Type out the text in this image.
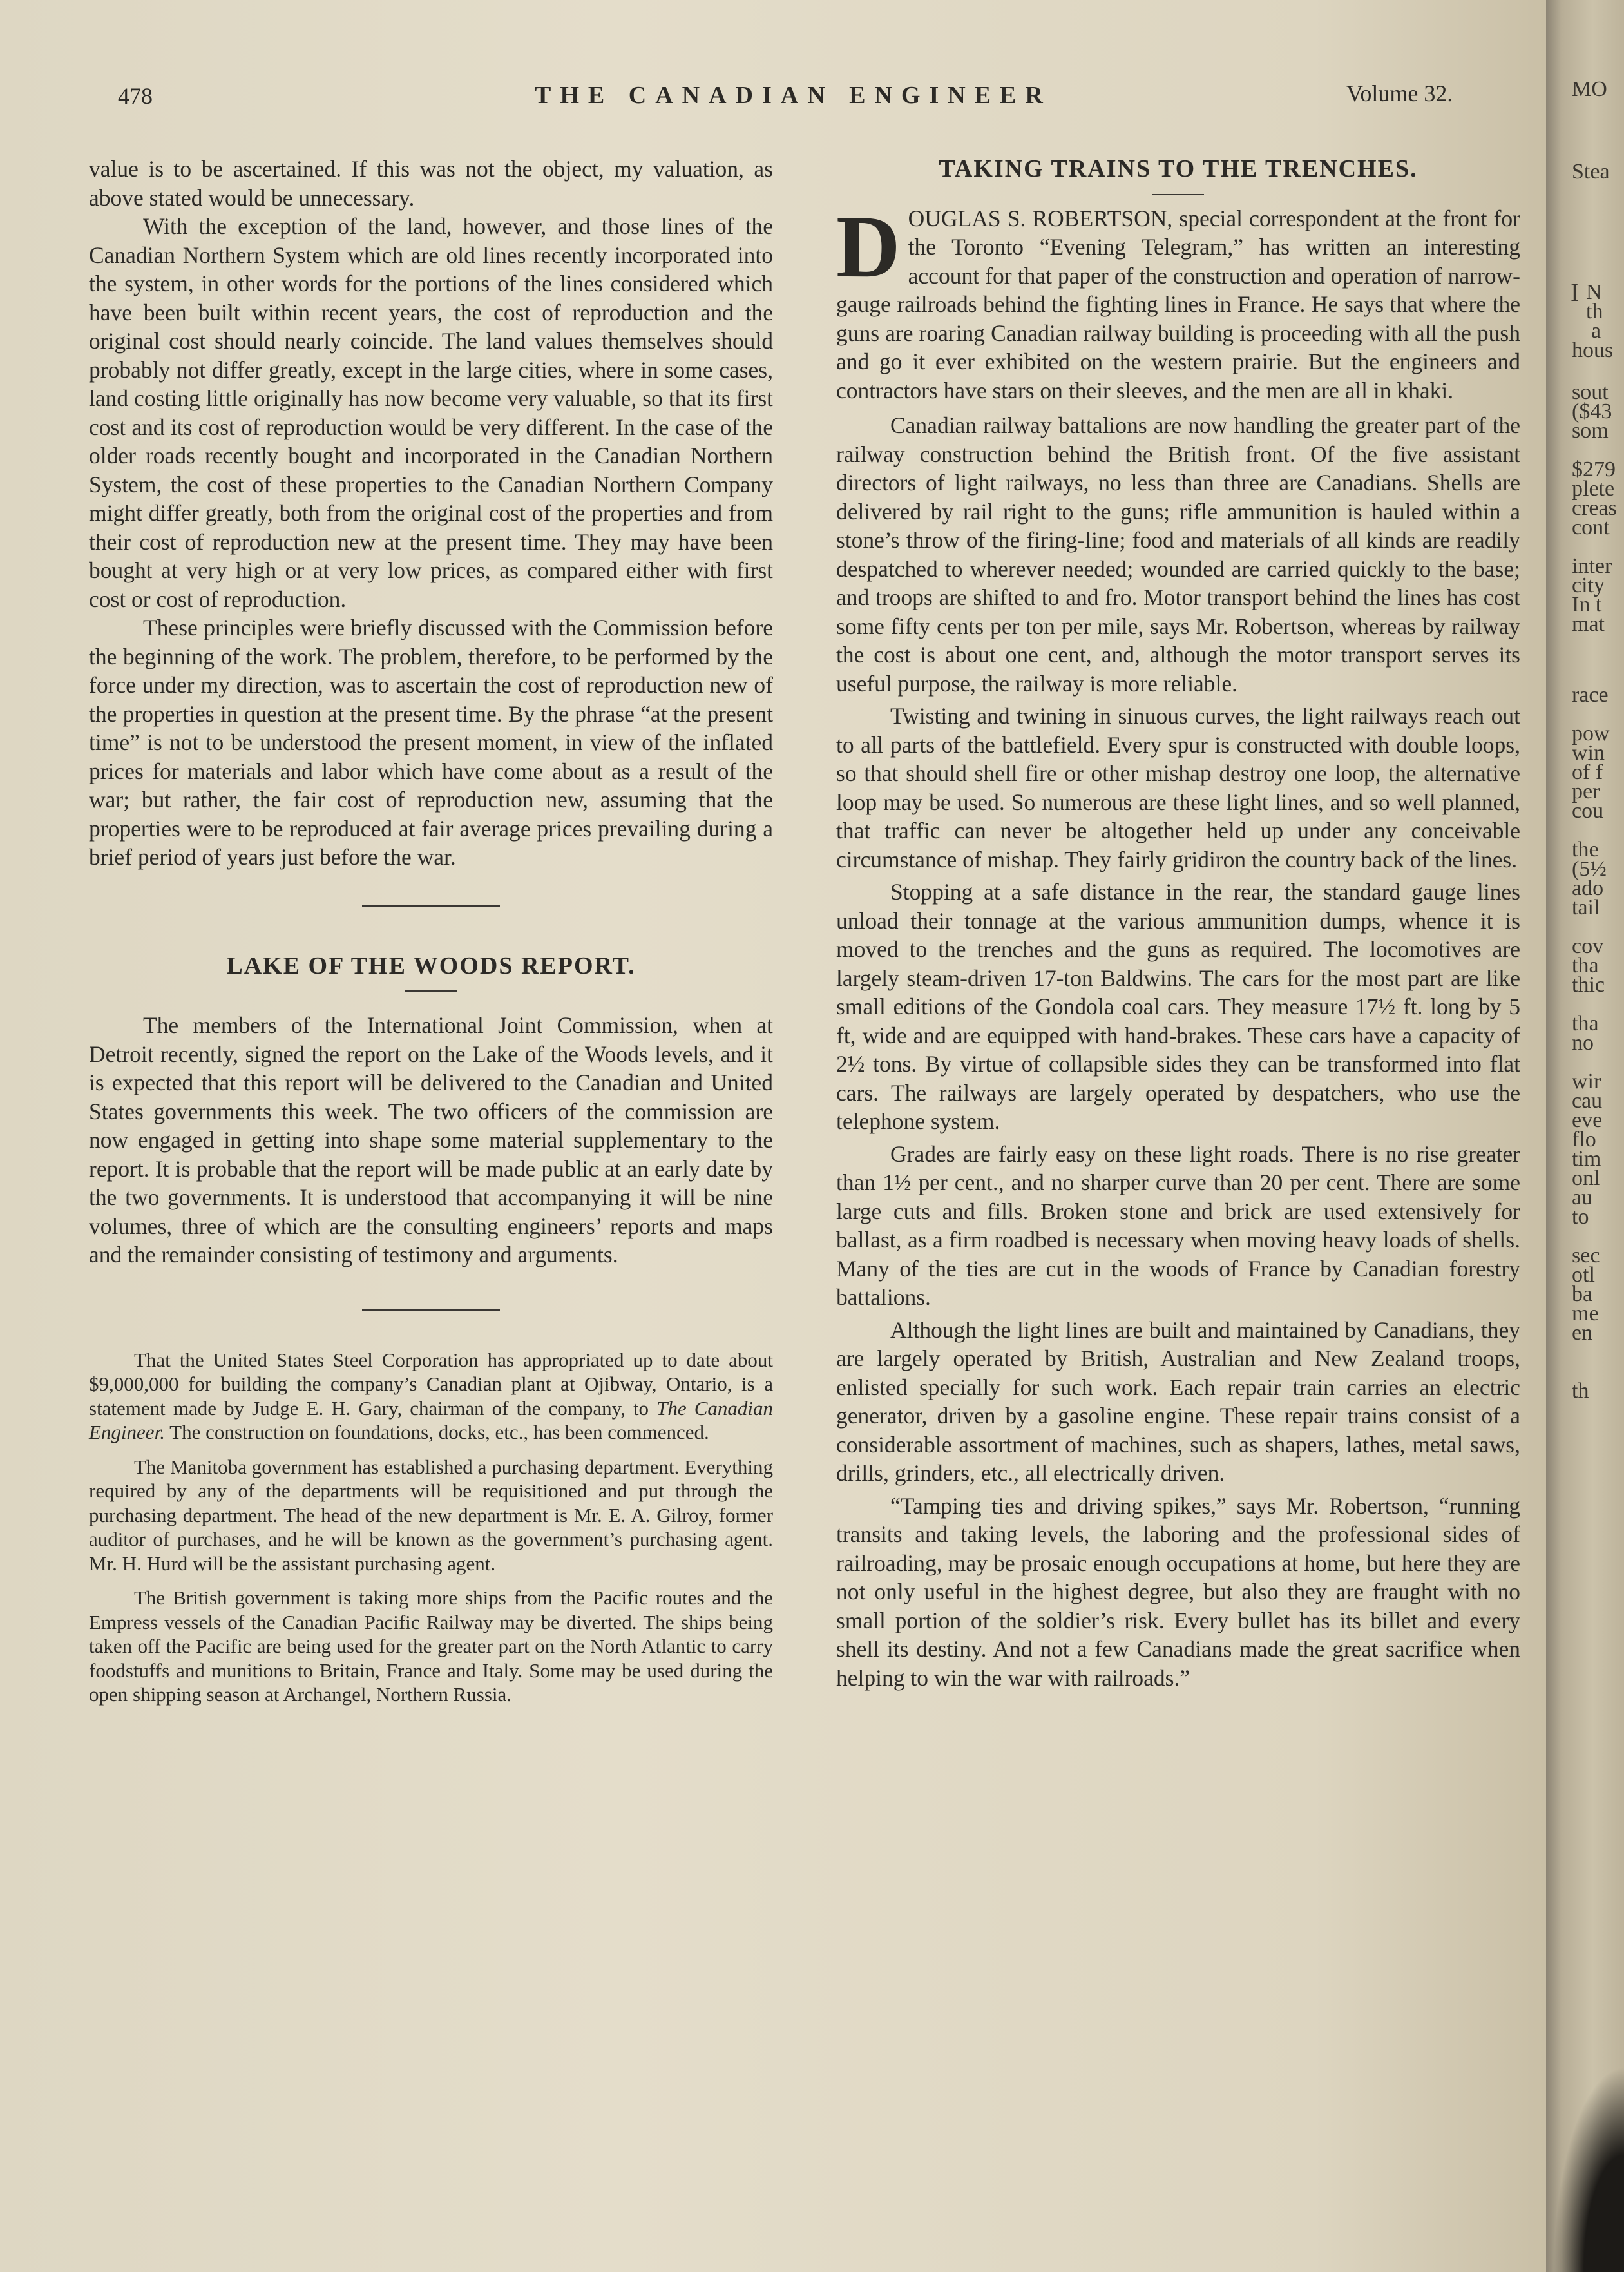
478	THE CANADIAN ENGINEER	Volume 32.

value is to be ascertained. If this was not the object, my valuation, as above stated would be unnecessary.

With the exception of the land, however, and those lines of the Canadian Northern System which are old lines recently incorporated into the system, in other words for the portions of the lines considered which have been built within recent years, the cost of reproduction and the original cost should nearly coincide. The land values themselves should probably not differ greatly, except in the large cities, where in some cases, land costing little originally has now become very valuable, so that its first cost and its cost of reproduction would be very different. In the case of the older roads recently bought and incorporated in the Canadian Northern System, the cost of these properties to the Canadian Northern Company might differ greatly, both from the original cost of the properties and from their cost of reproduction new at the present time. They may have been bought at very high or at very low prices, as compared either with first cost or cost of reproduction.

These principles were briefly discussed with the Commission before the beginning of the work. The problem, therefore, to be performed by the force under my direction, was to ascertain the cost of reproduction new of the properties in question at the present time. By the phrase “at the present time” is not to be understood the present moment, in view of the inflated prices for materials and labor which have come about as a result of the war; but rather, the fair cost of reproduction new, assuming that the properties were to be reproduced at fair average prices prevailing during a brief period of years just before the war.

LAKE OF THE WOODS REPORT.

The members of the International Joint Commission, when at Detroit recently, signed the report on the Lake of the Woods levels, and it is expected that this report will be delivered to the Canadian and United States governments this week. The two officers of the commission are now engaged in getting into shape some material supplementary to the report. It is probable that the report will be made public at an early date by the two governments. It is understood that accompanying it will be nine volumes, three of which are the consulting engineers’ reports and maps and the remainder consisting of testimony and arguments.

That the United States Steel Corporation has appropriated up to date about $9,000,000 for building the company’s Canadian plant at Ojibway, Ontario, is a statement made by Judge E. H. Gary, chairman of the company, to The Canadian Engineer. The construction on foundations, docks, etc., has been commenced.

The Manitoba government has established a purchasing department. Everything required by any of the departments will be requisitioned and put through the purchasing department. The head of the new department is Mr. E. A. Gilroy, former auditor of purchases, and he will be known as the government’s purchasing agent. Mr. H. Hurd will be the assistant purchasing agent.

The British government is taking more ships from the Pacific routes and the Empress vessels of the Canadian Pacific Railway may be diverted. The ships being taken off the Pacific are being used for the greater part on the North Atlantic to carry foodstuffs and munitions to Britain, France and Italy. Some may be used during the open shipping season at Archangel, Northern Russia.

TAKING TRAINS TO THE TRENCHES.

DOUGLAS S. ROBERTSON, special correspondent at the front for the Toronto “Evening Telegram,” has written an interesting account for that paper of the construction and operation of narrow-gauge railroads behind the fighting lines in France. He says that where the guns are roaring Canadian railway building is proceeding with all the push and go it ever exhibited on the western prairie. But the engineers and contractors have stars on their sleeves, and the men are all in khaki.

Canadian railway battalions are now handling the greater part of the railway construction behind the British front. Of the five assistant directors of light railways, no less than three are Canadians. Shells are delivered by rail right to the guns; rifle ammunition is hauled within a stone’s throw of the firing-line; food and materials of all kinds are readily despatched to wherever needed; wounded are carried quickly to the base; and troops are shifted to and fro. Motor transport behind the lines has cost some fifty cents per ton per mile, says Mr. Robertson, whereas by railway the cost is about one cent, and, although the motor transport serves its useful purpose, the railway is more reliable.

Twisting and twining in sinuous curves, the light railways reach out to all parts of the battlefield. Every spur is constructed with double loops, so that should shell fire or other mishap destroy one loop, the alternative loop may be used. So numerous are these light lines, and so well planned, that traffic can never be altogether held up under any conceivable circumstance of mishap. They fairly gridiron the country back of the lines.

Stopping at a safe distance in the rear, the standard gauge lines unload their tonnage at the various ammunition dumps, whence it is moved to the trenches and the guns as required. The locomotives are largely steam-driven 17-ton Baldwins. The cars for the most part are like small editions of the Gondola coal cars. They measure 17½ ft. long by 5 ft, wide and are equipped with hand-brakes. These cars have a capacity of 2½ tons. By virtue of collapsible sides they can be transformed into flat cars. The railways are largely operated by despatchers, who use the telephone system.

Grades are fairly easy on these light roads. There is no rise greater than 1½ per cent., and no sharper curve than 20 per cent. There are some large cuts and fills. Broken stone and brick are used extensively for ballast, as a firm roadbed is necessary when moving heavy loads of shells. Many of the ties are cut in the woods of France by Canadian forestry battalions.

Although the light lines are built and maintained by Canadians, they are largely operated by British, Australian and New Zealand troops, enlisted specially for such work. Each repair train carries an electric generator, driven by a gasoline engine. These repair trains consist of a considerable assortment of machines, such as shapers, lathes, metal saws, drills, grinders, etc., all electrically driven.

“Tamping ties and driving spikes,” says Mr. Robertson, “running transits and taking levels, the laboring and the professional sides of railroading, may be prosaic enough occupations at home, but here they are not only useful in the highest degree, but also they are fraught with no small portion of the soldier’s risk. Every bullet has its billet and every shell its destiny. And not a few Canadians made the great sacrifice when helping to win the war with railroads.”

MO
Stea
I N
th
a
hous
sout
($43
som
$279
plete
creas
cont
inter
city
In t
mat
race
pow
win
of f
per
cou
the
(5½
ado
tail
cov
tha
thic
tha
no
wir
cau
eve
flo
tim
onl
au
to
sec
otl
ba
me
en
th
